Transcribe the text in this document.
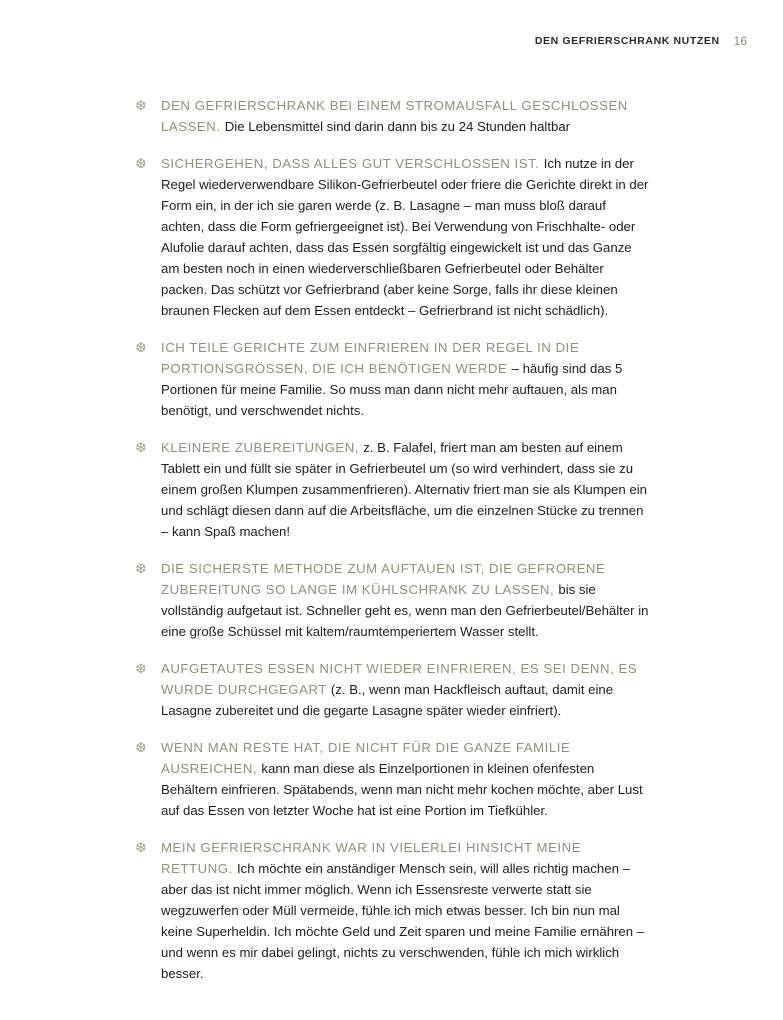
DEN GEFRIERSCHRANK NUTZEN 16
❆ DEN GEFRIERSCHRANK BEI EINEM STROMAUSFALL GESCHLOSSEN LASSEN. Die Lebensmittel sind darin dann bis zu 24 Stunden haltbar
❆ SICHERGEHEN, DASS ALLES GUT VERSCHLOSSEN IST. Ich nutze in der Regel wiederverwendbare Silikon-Gefrierbeutel oder friere die Gerichte direkt in der Form ein, in der ich sie garen werde (z. B. Lasagne – man muss bloß darauf achten, dass die Form gefriergeeignet ist). Bei Verwendung von Frischhalte- oder Alufolie darauf achten, dass das Essen sorgfältig eingewickelt ist und das Ganze am besten noch in einen wiederverschließbaren Gefrierbeutel oder Behälter packen. Das schützt vor Gefrierbrand (aber keine Sorge, falls ihr diese kleinen braunen Flecken auf dem Essen entdeckt – Gefrierbrand ist nicht schädlich).
❆ ICH TEILE GERICHTE ZUM EINFRIEREN IN DER REGEL IN DIE PORTIONSGRÖSSEN, DIE ICH BENÖTIGEN WERDE – häufig sind das 5 Portionen für meine Familie. So muss man dann nicht mehr auftauen, als man benötigt, und verschwendet nichts.
❆ KLEINERE ZUBEREITUNGEN, z. B. Falafel, friert man am besten auf einem Tablett ein und füllt sie später in Gefrierbeutel um (so wird verhindert, dass sie zu einem großen Klumpen zusammenfrieren). Alternativ friert man sie als Klumpen ein und schlägt diesen dann auf die Arbeitsfläche, um die einzelnen Stücke zu trennen – kann Spaß machen!
❆ DIE SICHERSTE METHODE ZUM AUFTAUEN IST, DIE GEFRORENE ZUBEREITUNG SO LANGE IM KÜHLSCHRANK ZU LASSEN, bis sie vollständig aufgetaut ist. Schneller geht es, wenn man den Gefrierbeutel/Behälter in eine große Schüssel mit kaltem/raumtemperiertem Wasser stellt.
❆ AUFGETAUTES ESSEN NICHT WIEDER EINFRIEREN, ES SEI DENN, ES WURDE DURCHGEGART (z. B., wenn man Hackfleisch auftaut, damit eine Lasagne zubereitet und die gegarte Lasagne später wieder einfriert).
❆ WENN MAN RESTE HAT, DIE NICHT FÜR DIE GANZE FAMILIE AUSREICHEN, kann man diese als Einzelportionen in kleinen ofenfesten Behältern einfrieren. Spätabends, wenn man nicht mehr kochen möchte, aber Lust auf das Essen von letzter Woche hat ist eine Portion im Tiefkühler.
❆ MEIN GEFRIERSCHRANK WAR IN VIELERLEI HINSICHT MEINE RETTUNG. Ich möchte ein anständiger Mensch sein, will alles richtig machen – aber das ist nicht immer möglich. Wenn ich Essensreste verwerte statt sie wegzuwerfen oder Müll vermeide, fühle ich mich etwas besser. Ich bin nun mal keine Superheldin. Ich möchte Geld und Zeit sparen und meine Familie ernähren – und wenn es mir dabei gelingt, nichts zu verschwenden, fühle ich mich wirklich besser.
